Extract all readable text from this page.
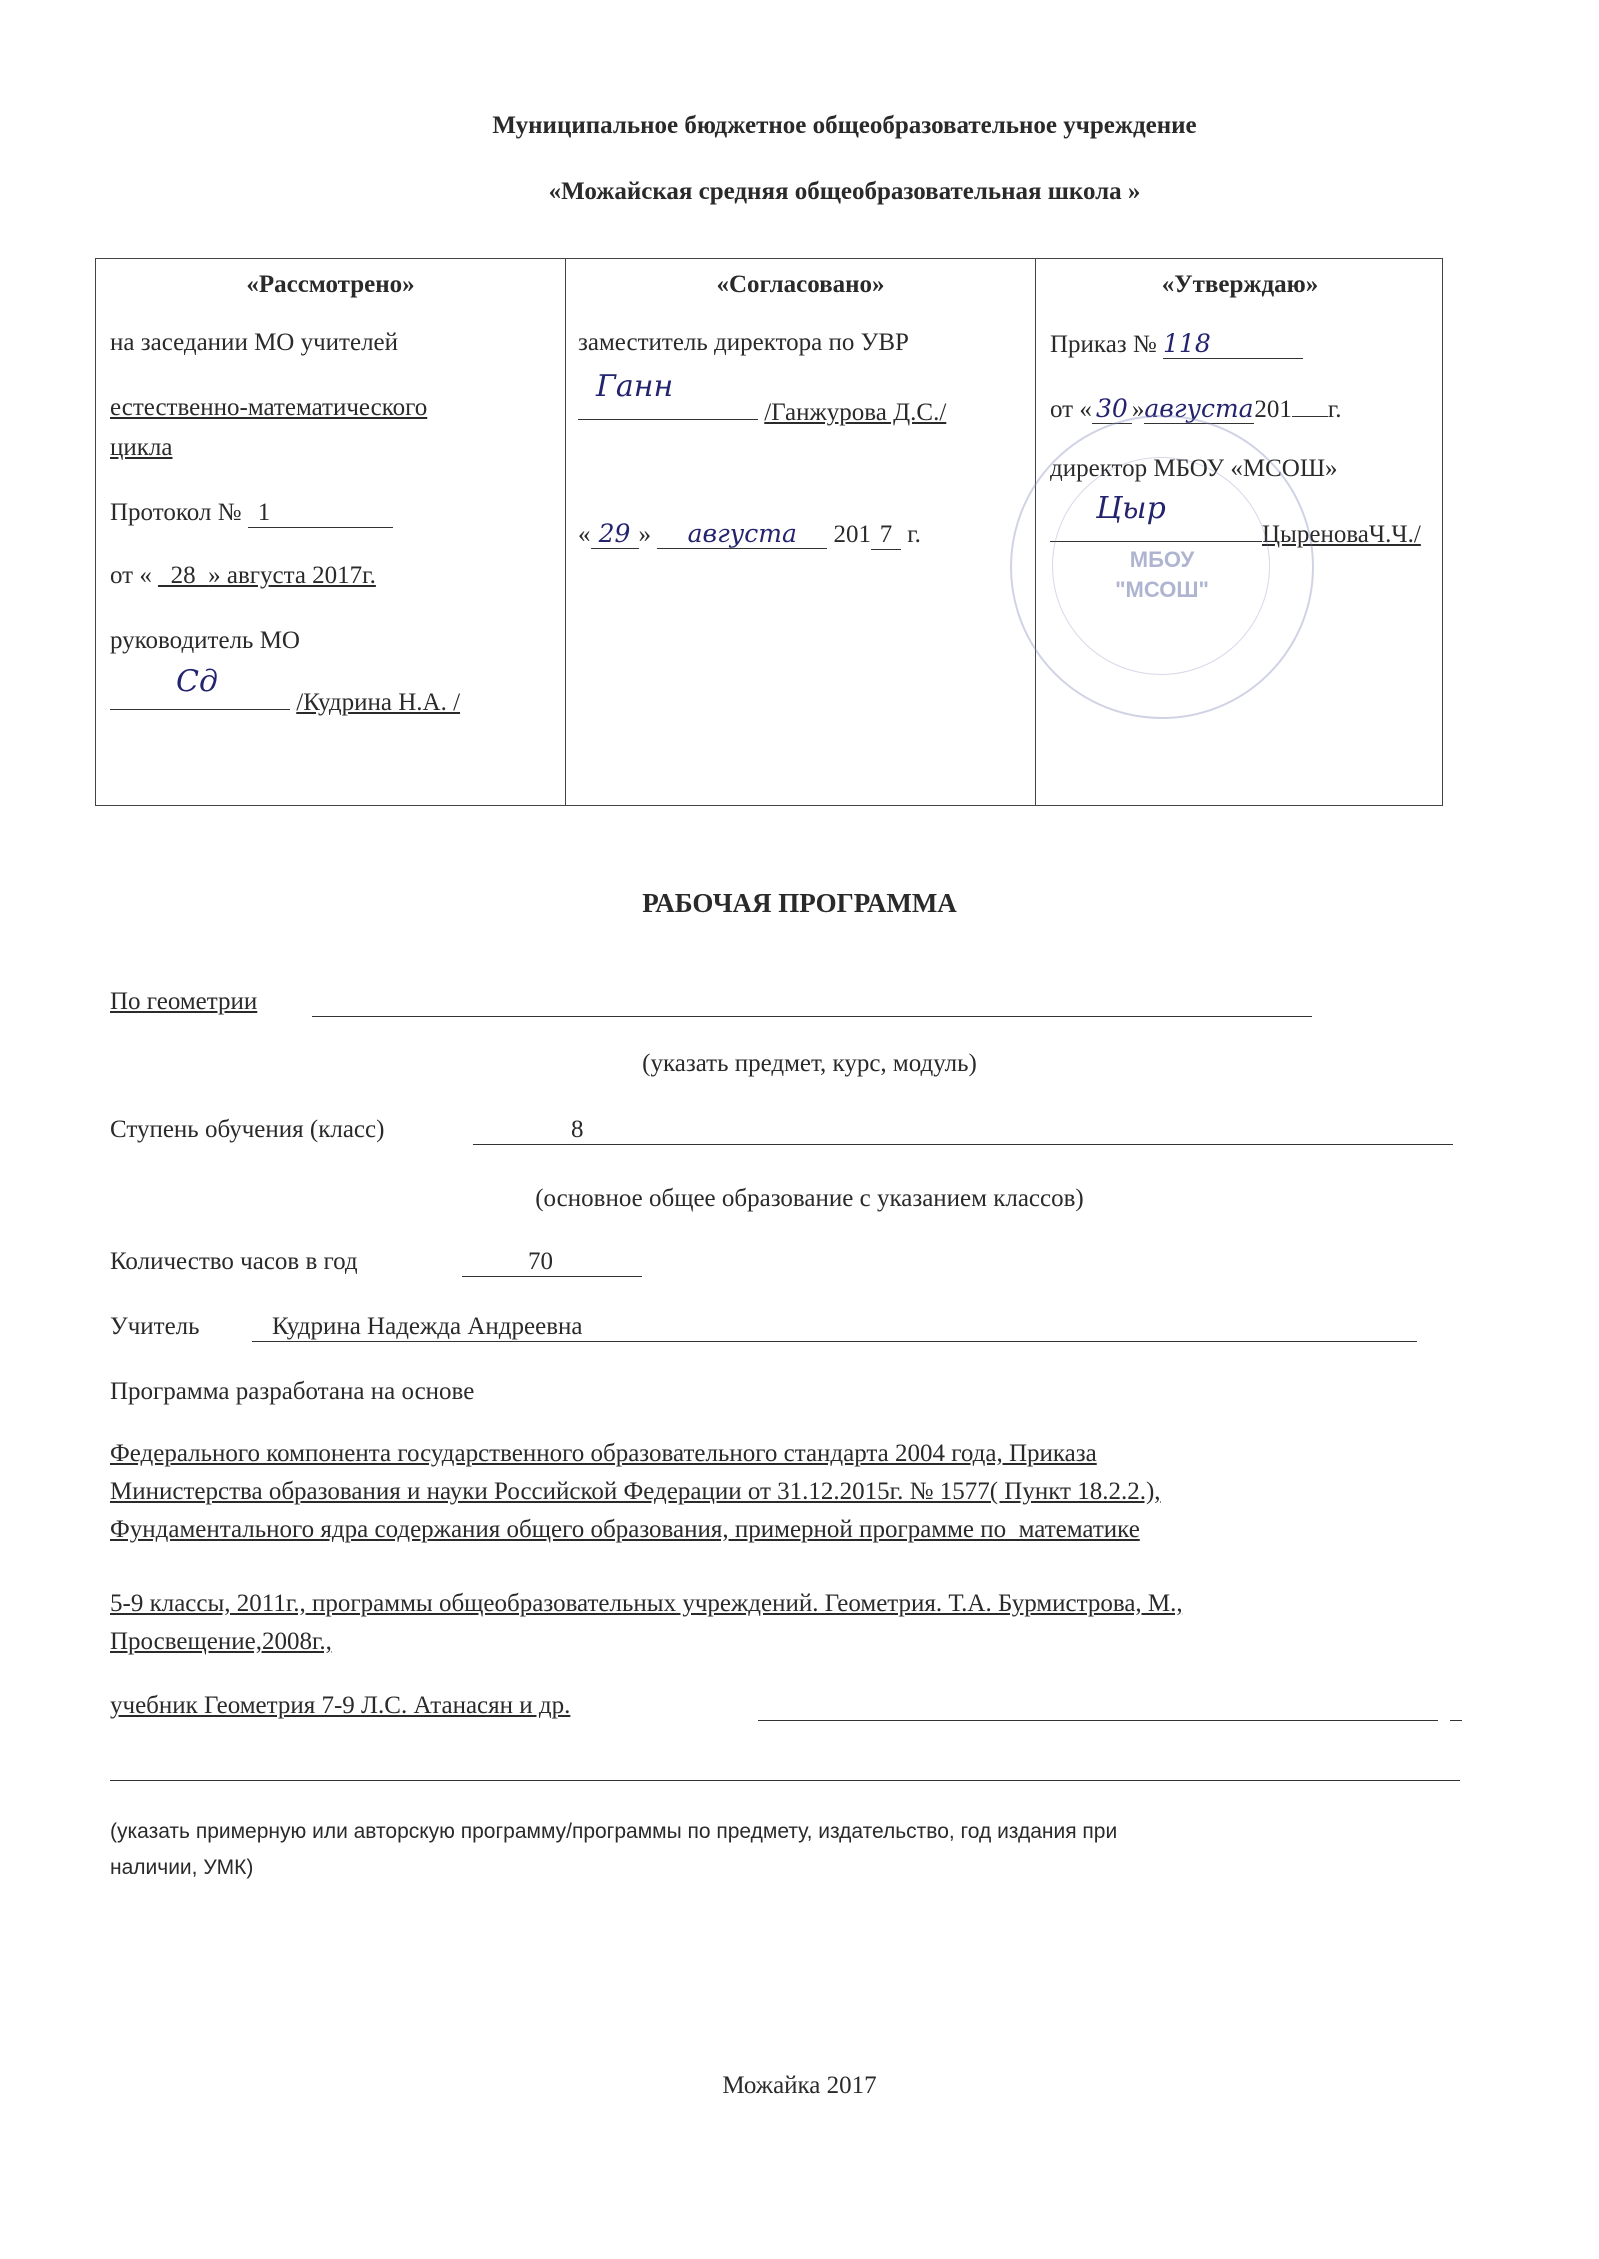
Муниципальное бюджетное общеобразовательное учреждение
«Можайская средняя общеобразовательная школа »
«Рассмотрено»
на заседании МО учителей
естественно-математического
цикла
Протокол № 1
от « _28_» августа 2017г.
руководитель МО
/Кудрина Н.А. /
Сд
«Согласовано»
заместитель директора по УВР
/Ганжурова Д.С./
Ганн
« 29 » августа 201 7 г.
«Утверждаю»
Приказ № 118
от « 30 »августа201 г.
директор МБОУ «МСОШ»
ЦыреноваЧ.Ч./
Цыр
МБОУ
"МСОШ"
РАБОЧАЯ ПРОГРАММА
По геометрии
(указать предмет, курс, модуль)
Ступень обучения (класс)	8
(основное общее образование с указанием классов)
Количество часов в год	70
Учитель	Кудрина Надежда Андреевна
Программа разработана на основе
Федерального компонента государственного образовательного стандарта 2004 года, Приказа
Министерства образования и науки Российской Федерации от 31.12.2015г. № 1577( Пункт 18.2.2.),
Фундаментального ядра содержания общего образования, примерной программе по_математике
5-9 классы, 2011г., программы общеобразовательных учреждений. Геометрия. Т.А. Бурмистрова, М.,
Просвещение,2008г.,
учебник Геометрия 7-9 Л.С. Атанасян и др.
(указать примерную или авторскую программу/программы по предмету, издательство, год издания при
наличии, УМК)
Можайка 2017
